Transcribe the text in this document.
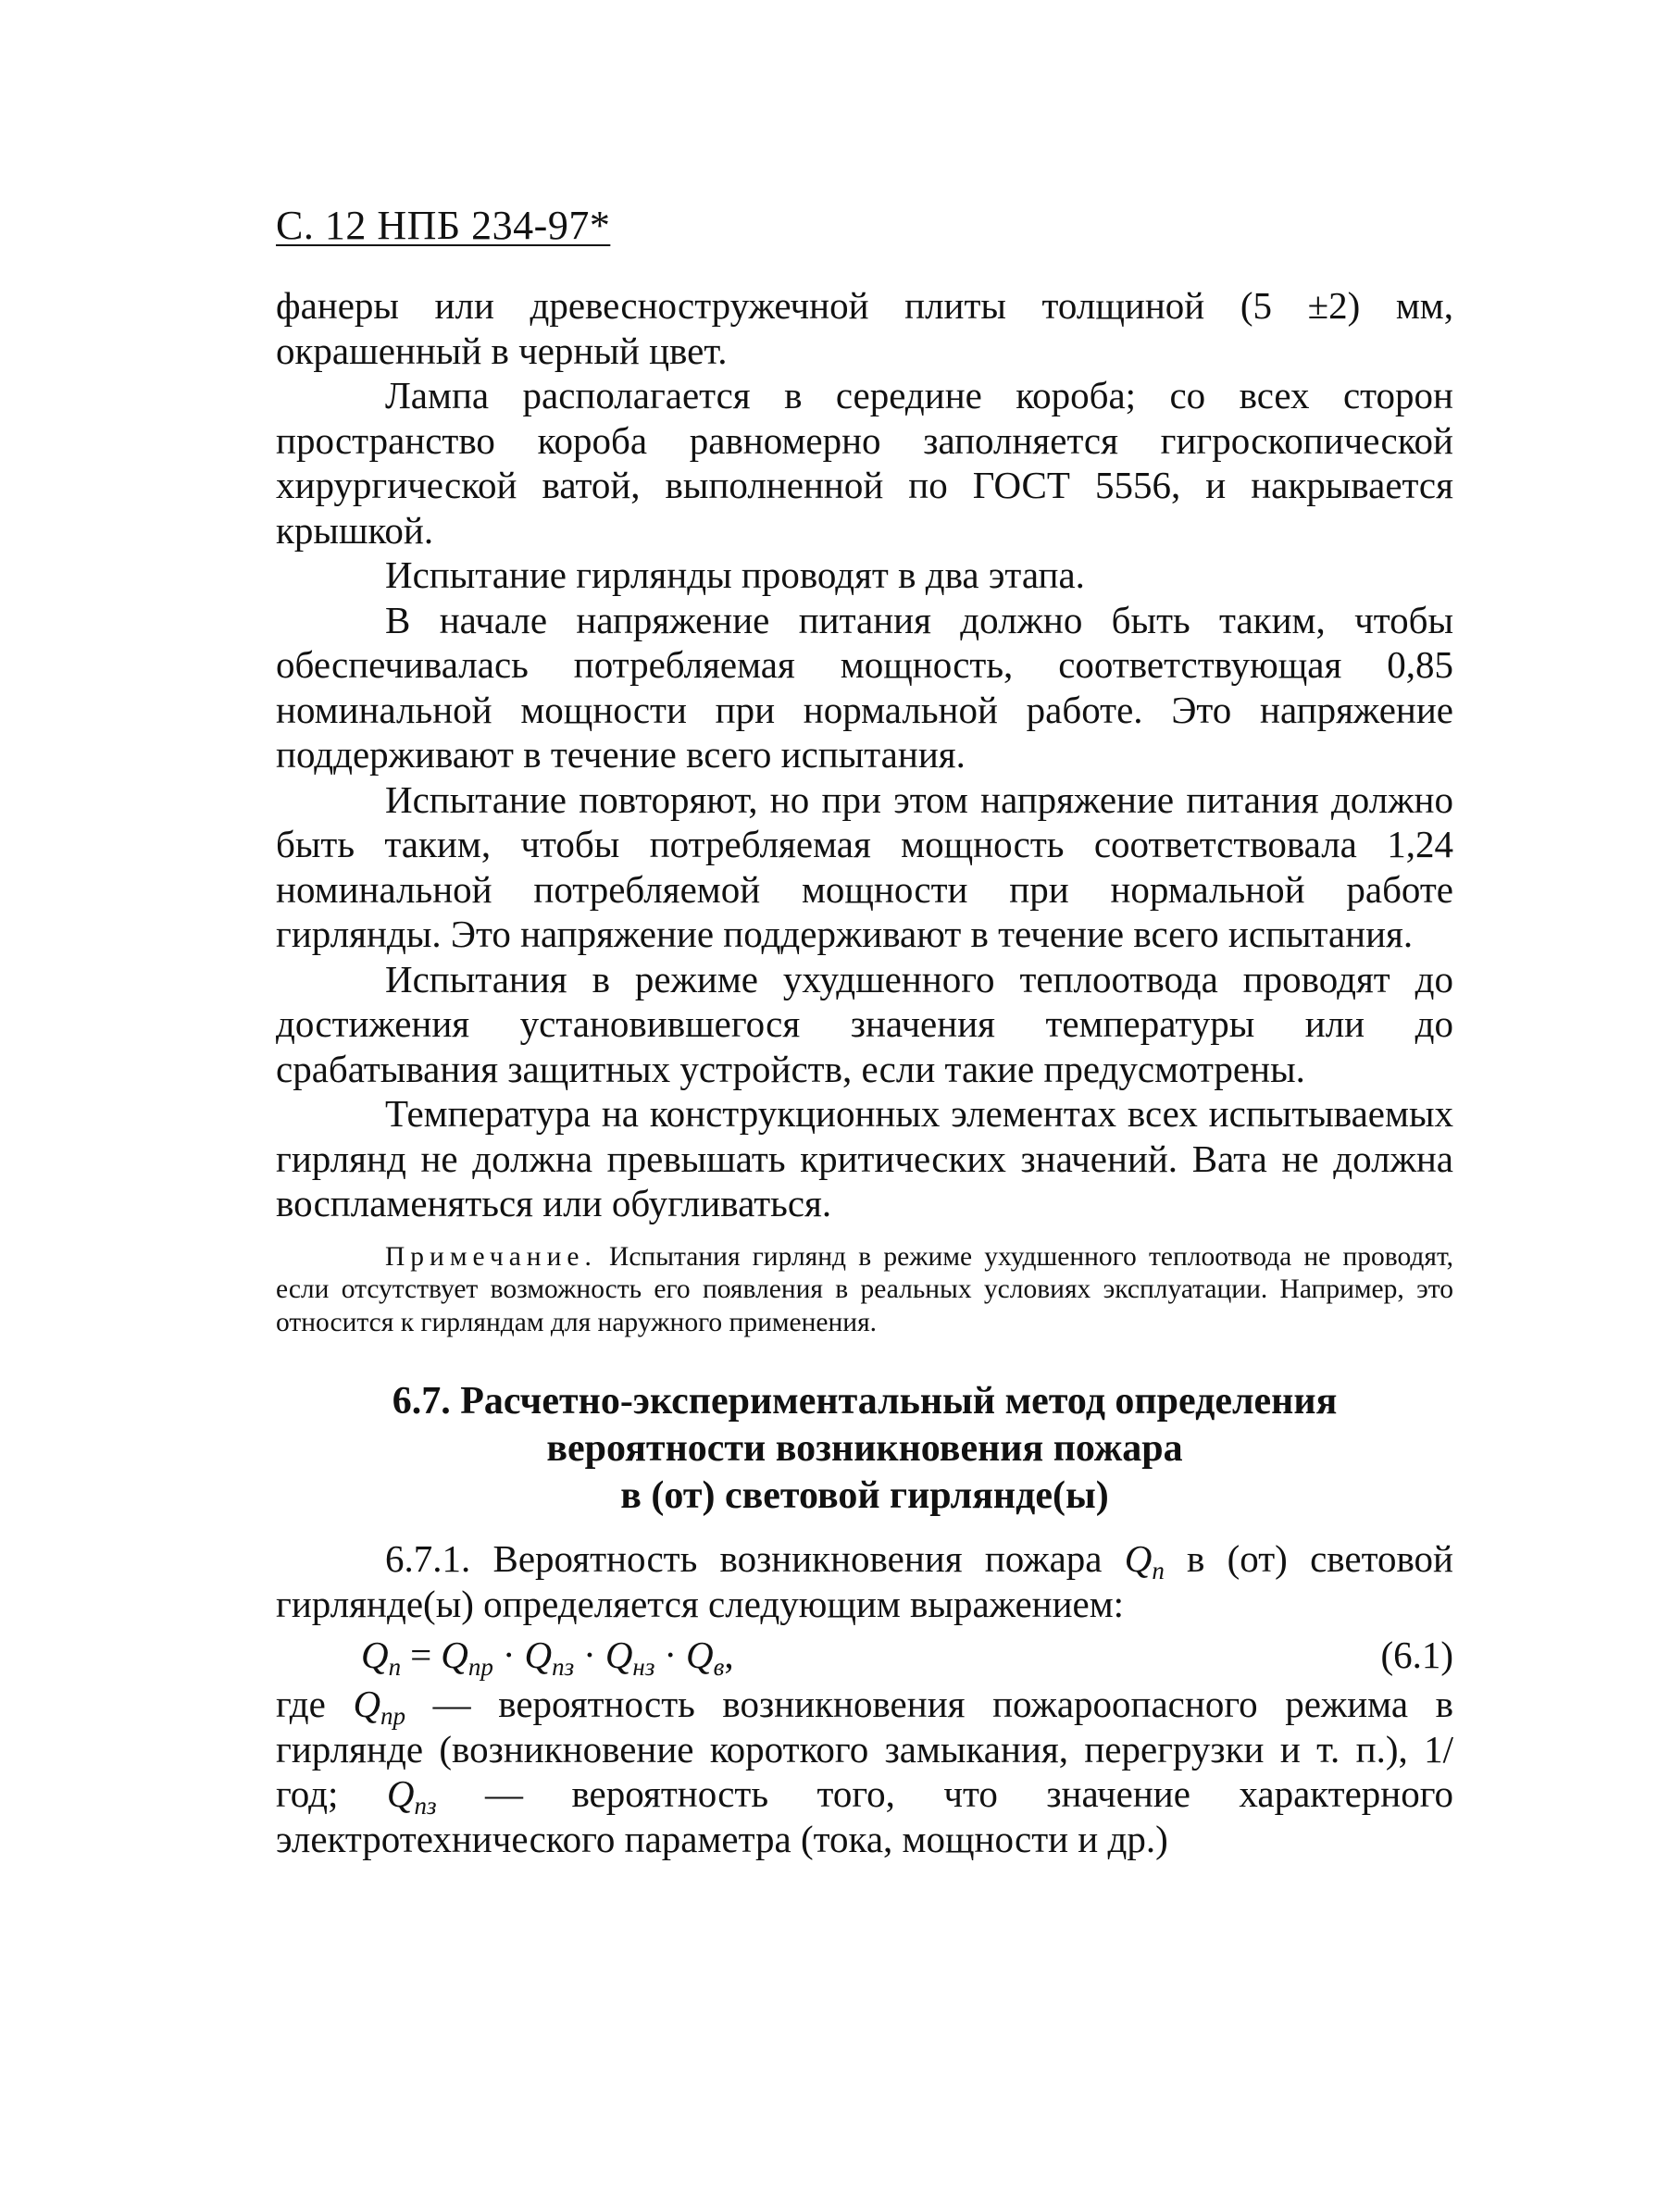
С. 12 НПБ 234-97*

фанеры или древесностружечной плиты толщиной (5 ±2) мм, окрашенный в черный цвет.

Лампа располагается в середине короба; со всех сторон пространство короба равномерно заполняется гигроскопической хирургической ватой, выполненной по ГОСТ 5556, и накрывается крышкой.

Испытание гирлянды проводят в два этапа.

В начале напряжение питания должно быть таким, чтобы обеспечивалась потребляемая мощность, соответствующая 0,85 номинальной мощности при нормальной работе. Это напряжение поддерживают в течение всего испытания.

Испытание повторяют, но при этом напряжение питания должно быть таким, чтобы потребляемая мощность соответствовала 1,24 номинальной потребляемой мощности при нормальной работе гирлянды. Это напряжение поддерживают в течение всего испытания.

Испытания в режиме ухудшенного теплоотвода проводят до достижения установившегося значения температуры или до срабатывания защитных устройств, если такие предусмотрены.

Температура на конструкционных элементах всех испытываемых гирлянд не должна превышать критических значений. Вата не должна воспламеняться или обугливаться.

Примечание. Испытания гирлянд в режиме ухудшенного теплоотвода не проводят, если отсутствует возможность его появления в реальных условиях эксплуатации. Например, это относится к гирляндам для наружного применения.
6.7. Расчетно-экспериментальный метод определения
вероятности возникновения пожара
в (от) световой гирлянде(ы)

6.7.1. Вероятность возникновения пожара $Q_п$ в (от) световой гирлянде(ы) определяется следующим выражением:

$Q_п = Q_{пр} \cdot Q_{пз} \cdot Q_{нз} \cdot Q_в$,	(6.1)

где $Q_{пр}$ — вероятность возникновения пожароопасного режима в гирлянде (возникновение короткого замыкания, перегрузки и т. п.), 1/год; $Q_{пз}$ — вероятность того, что значение характерного электротехнического параметра (тока, мощности и др.)
